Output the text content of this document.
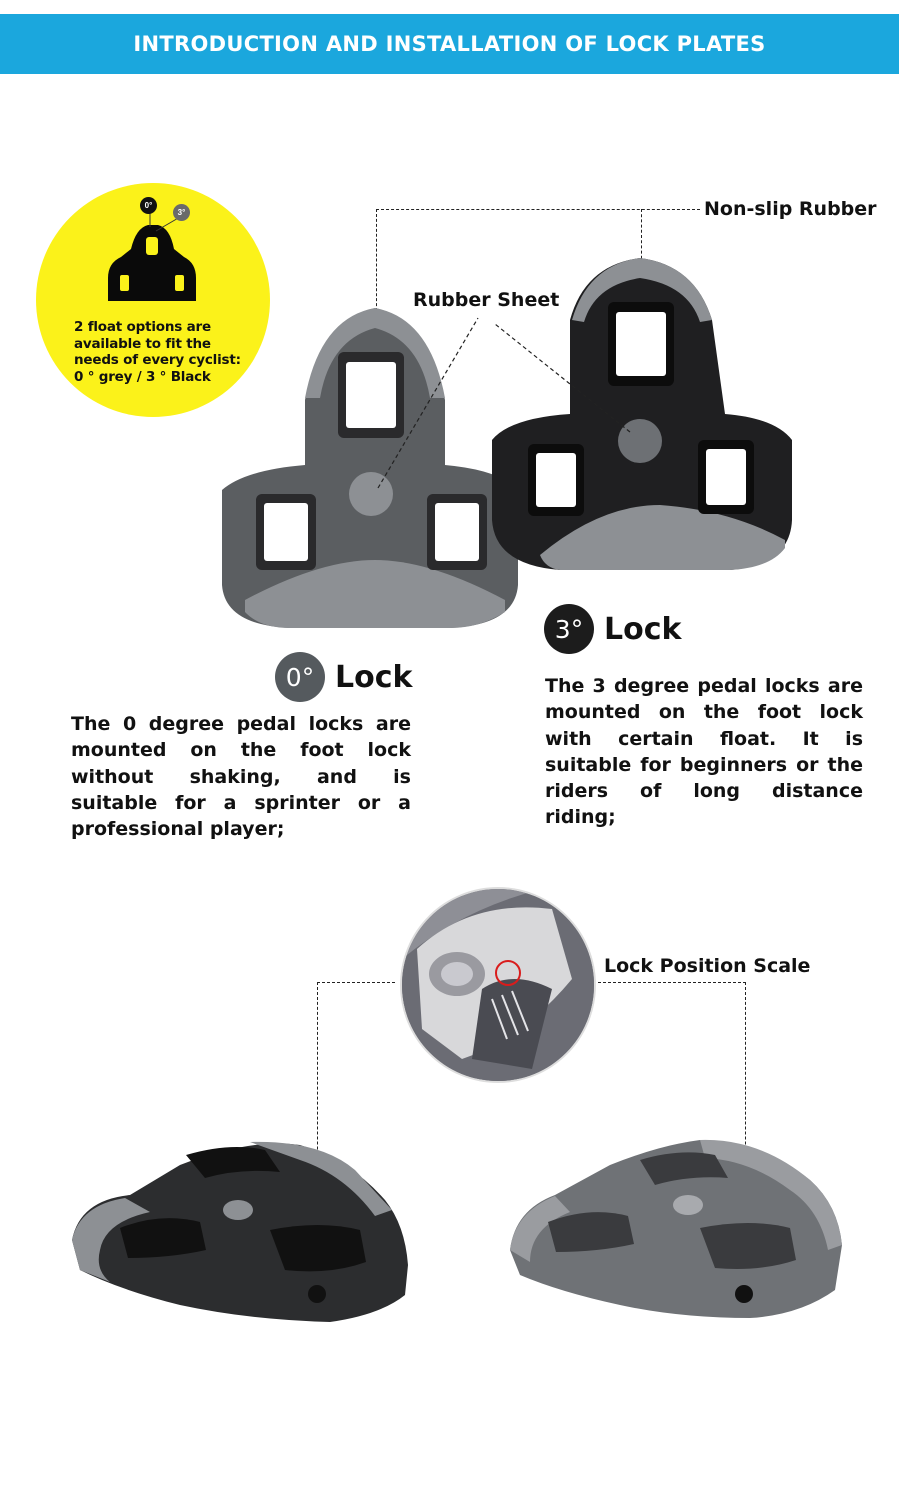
INTRODUCTION AND INSTALLATION OF LOCK PLATES
0°
3°
2 float options are
available to fit the
needs of every cyclist:
0 ° grey / 3 ° Black
Non-slip Rubber
Rubber Sheet
3° Lock
The 3 degree pedal locks are mounted on the foot lock with certain float. It is suitable for beginners or the riders of long distance riding;
0° Lock
The 0 degree pedal locks are mounted on the foot lock without shaking, and is suitable for a sprinter or a professional player;
Lock Position Scale
